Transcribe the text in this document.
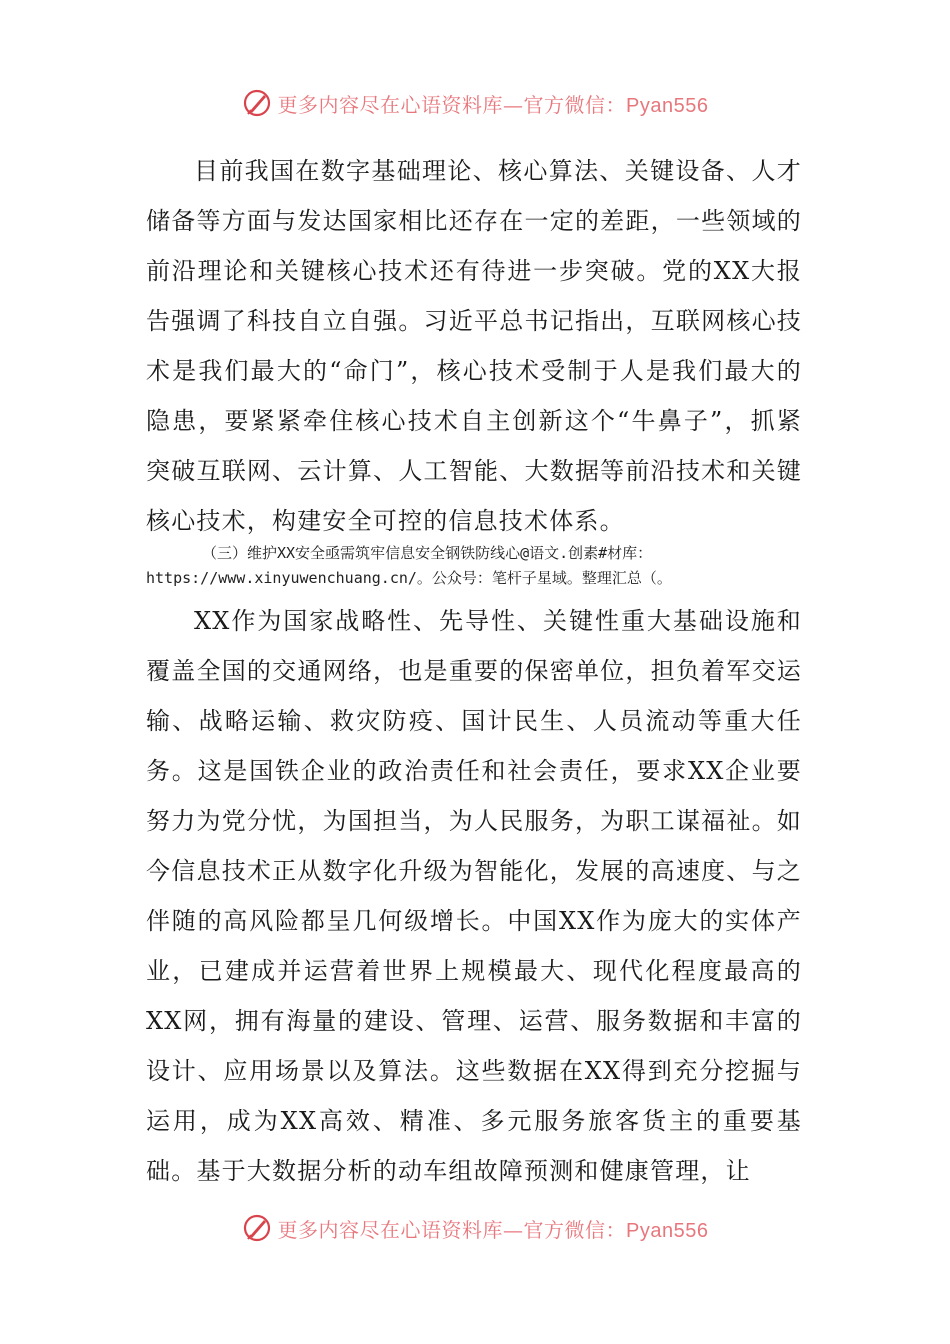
更多内容尽在心语资料库—官方微信：Pyan556

目前我国在数字基础理论、核心算法、关键设备、人才储备等方面与发达国家相比还存在一定的差距，一些领域的前沿理论和关键核心技术还有待进一步突破。党的XX大报告强调了科技自立自强。习近平总书记指出，互联网核心技术是我们最大的“命门”，核心技术受制于人是我们最大的隐患，要紧紧牵住核心技术自主创新这个“牛鼻子”，抓紧突破互联网、云计算、人工智能、大数据等前沿技术和关键核心技术，构建安全可控的信息技术体系。

（三）维护XX安全亟需筑牢信息安全钢铁防线心@语文.创素#材库：
https://www.xinyuwenchuang.cn/。公众号：笔杆子星域。整理汇总（。

XX作为国家战略性、先导性、关键性重大基础设施和覆盖全国的交通网络，也是重要的保密单位，担负着军交运输、战略运输、救灾防疫、国计民生、人员流动等重大任务。这是国铁企业的政治责任和社会责任，要求XX企业要努力为党分忧，为国担当，为人民服务，为职工谋福祉。如今信息技术正从数字化升级为智能化，发展的高速度、与之伴随的高风险都呈几何级增长。中国XX作为庞大的实体产业，已建成并运营着世界上规模最大、现代化程度最高的XX网，拥有海量的建设、管理、运营、服务数据和丰富的设计、应用场景以及算法。这些数据在XX得到充分挖掘与运用，成为XX高效、精准、多元服务旅客货主的重要基础。基于大数据分析的动车组故障预测和健康管理，让

更多内容尽在心语资料库—官方微信：Pyan556
